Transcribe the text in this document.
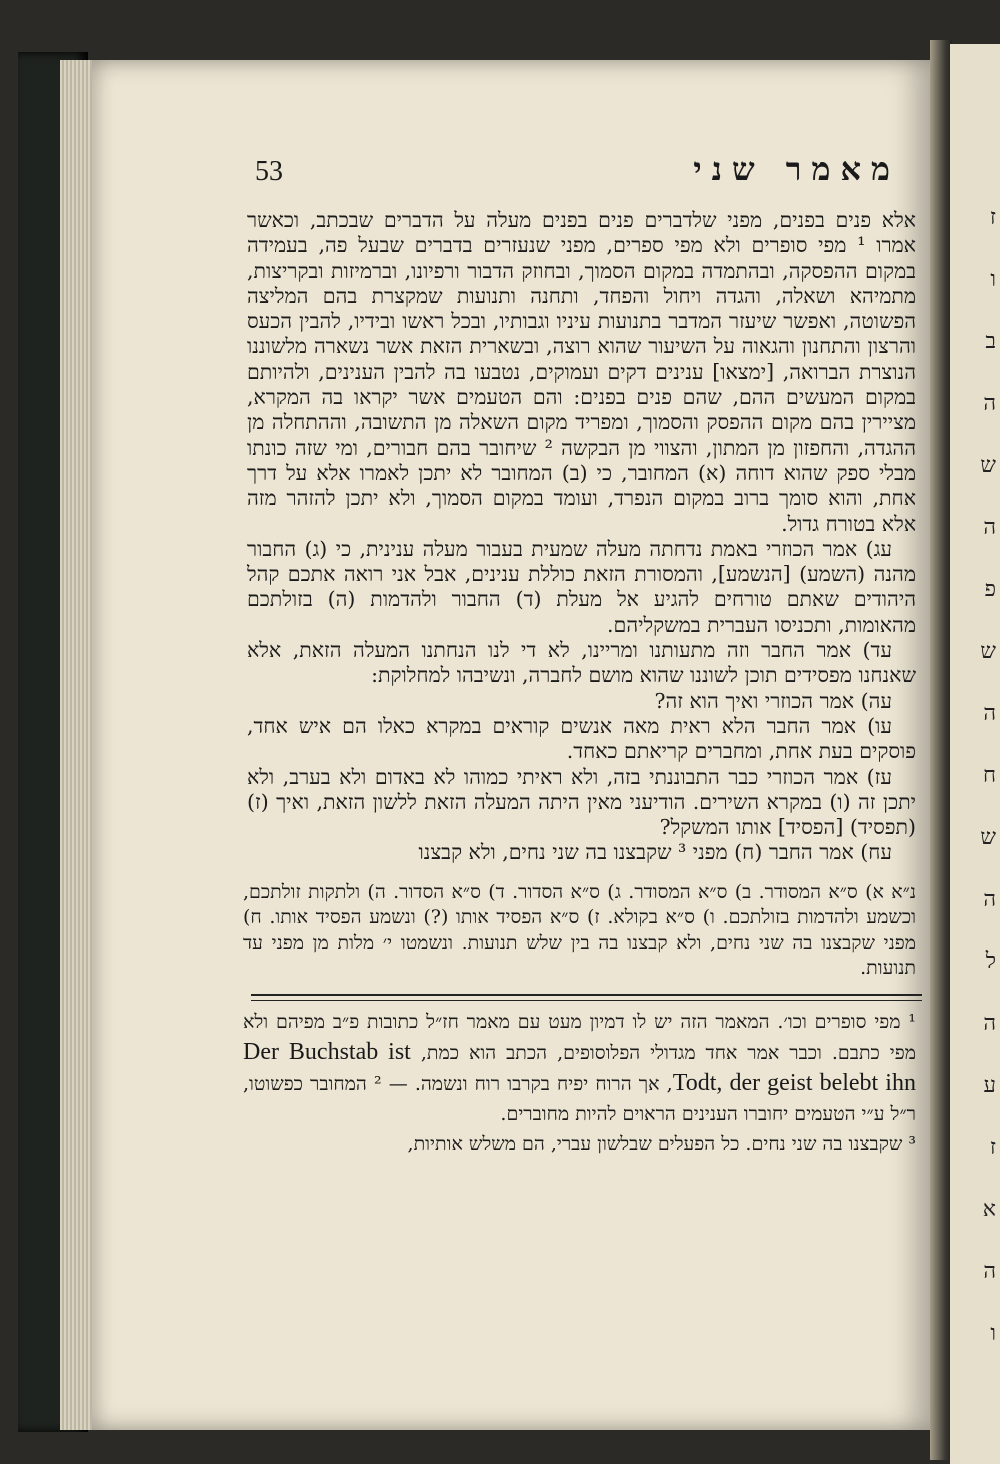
ז
ו
ב
ה
ש
ה
פ
ש
ה
ח
ש
ה
ל
ה
ע
ז
א
ה
ו
53	מאמר שני

אלא פנים בפנים, מפני שלדברים פנים בפנים מעלה על הדברים שבכתב, וכאשר אמרו ¹ מפי סופרים ולא מפי ספרים, מפני שנעזרים בדברים שבעל פה, בעמידה במקום ההפסקה, ובהתמדה במקום הסמוך, ובחוזק הדבור ורפיונו, וברמיזות ובקריצות, מתמיהא ושאלה, והגדה ויחול והפחד, ותחנה ותנועות שמקצרת בהם המליצה הפשוטה, ואפשר שיעזר המדבר בתנועות עיניו וגבותיו, ובכל ראשו ובידיו, להבין הכעס והרצון והתחנון והגאוה על השיעור שהוא רוצה, ובשארית הזאת אשר נשארה מלשוננו הנוצרת הברואה, [ימצאו] ענינים דקים ועמוקים, נטבעו בה להבין הענינים, ולהיותם במקום המעשים ההם, שהם פנים בפנים: והם הטעמים אשר יקראו בה המקרא, מציירין בהם מקום ההפסק והסמוך, ומפריד מקום השאלה מן התשובה, וההתחלה מן ההגדה, והחפזון מן המתון, והצווי מן הבקשה ² שיחובר בהם חבורים, ומי שזה כונתו מבלי ספק שהוא דוחה (א) המחובר, כי (ב) המחובר לא יתכן לאמרו אלא על דרך אחת, והוא סומך ברוב במקום הנפרד, ועומד במקום הסמוך, ולא יתכן להזהר מזה אלא בטורח גדול.

עג) אמר הכוזרי באמת נדחתה מעלה שמעית בעבור מעלה ענינית, כי (ג) החבור מהנה (השמע) [הנשמע], והמסורת הזאת כוללת ענינים, אבל אני רואה אתכם קהל היהודים שאתם טורחים להגיע אל מעלת (ד) החבור ולהדמות (ה) בזולתכם מהאומות, ותכניסו העברית במשקליהם.

עד) אמר החבר וזה מתעותנו ומריינו, לא די לנו הנחתנו המעלה הזאת, אלא שאנחנו מפסידים תוכן לשוננו שהוא מושם לחברה, ונשיבהו למחלוקת:

עה) אמר הכוזרי ואיך הוא זה?

עו) אמר החבר הלא ראית מאה אנשים קוראים במקרא כאלו הם איש אחד, פוסקים בעת אחת, ומחברים קריאתם כאחד.

עז) אמר הכוזרי כבר התבוננתי בזה, ולא ראיתי כמוהו לא באדום ולא בערב, ולא יתכן זה (ו) במקרא השירים. הודיעני מאין היתה המעלה הזאת ללשון הזאת, ואיך (ז) (תפסיד) [הפסיד] אותו המשקל?

עח) אמר החבר (ח) מפני ³ שקבצנו בה שני נחים, ולא קבצנו

נ״א א) ס״א המסודר. ב) ס״א המסודר. ג) ס״א הסדור. ד) ס״א הסדור. ה) ולתקות זולתכם, וכשמע ולהדמות בזולתכם. ו) ס״א בקולא. ז) ס״א הפסיד אותו (?) ונשמע הפסיד אותו. ח) מפני שקבצנו בה שני נחים, ולא קבצנו בה בין שלש תנועות. ונשמטו י׳ מלות מן מפני עד תנועות.

¹ מפי סופרים וכו׳. המאמר הזה יש לו דמיון מעט עם מאמר חז״ל כתובות פ״ב מפיהם ולא מפי כתבם. וכבר אמר אחד מגדולי הפלוסופים, הכתב הוא כמת, Der Buchstab ist Todt, der geist belebt ihn, אך הרוח יפיח בקרבו רוח ונשמה. — ² המחובר כפשוטו, ר״ל ע״י הטעמים יחוברו הענינים הראוים להיות מחוברים.

³ שקבצנו בה שני נחים. כל הפעלים שבלשון עברי, הם משלש אותיות,
